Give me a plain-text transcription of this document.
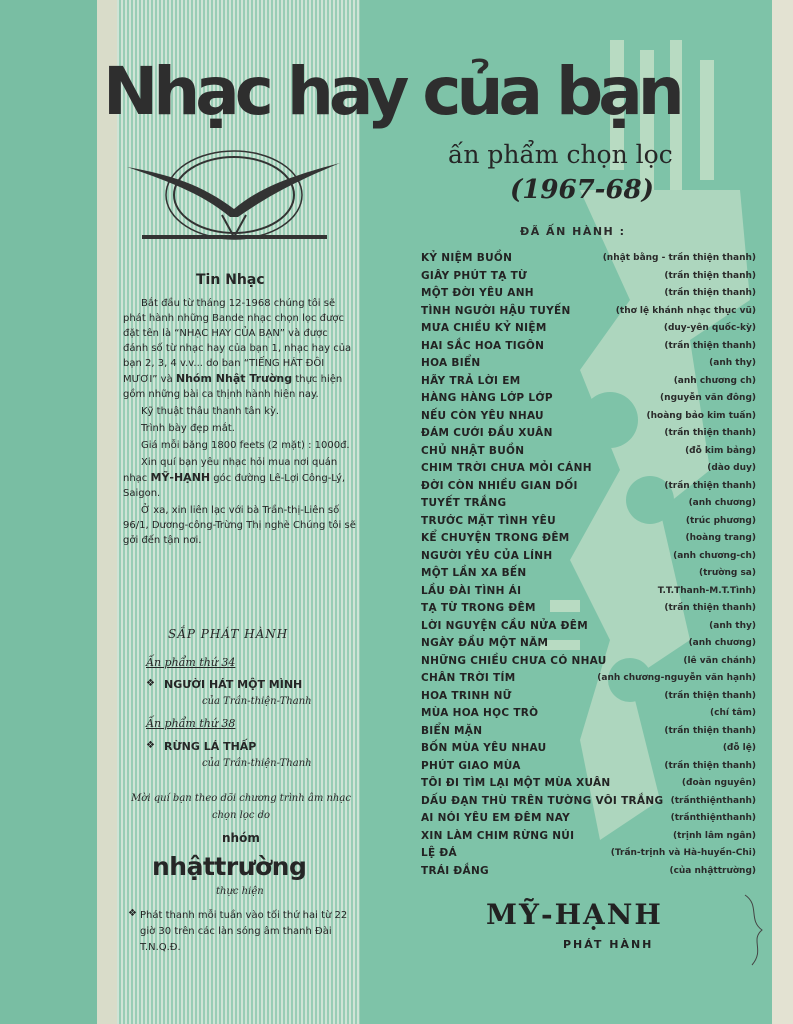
Nhạc hay của bạn
ấn phẩm chọn lọc
(1967-68)
ĐÃ ẤN HÀNH :
KỶ NIỆM BUỒN	(nhật bằng - trần thiện thanh)
GIÂY PHÚT TẠ TỪ	(trần thiện thanh)
MỘT ĐỜI YÊU ANH	(trần thiện thanh)
TÌNH NGƯỜI HẬU TUYẾN	(thơ lệ khánh nhạc thục vũ)
MƯA CHIỀU KỶ NIỆM	(duy-yên quốc-kỳ)
HAI SẮC HOA TIGÔN	(trần thiện thanh)
HOA BIỂN	(anh thy)
HÃY TRẢ LỜI EM	(anh chương ch)
HÀNG HÀNG LỚP LỚP	(nguyễn văn đông)
NẾU CÒN YÊU NHAU	(hoàng bảo kim tuấn)
ĐÁM CƯỚI ĐẦU XUÂN	(trần thiện thanh)
CHỦ NHẬT BUỒN	(đỗ kim bảng)
CHIM TRỜI CHƯA MỎI CÁNH	(dào duy)
ĐỜI CÒN NHIỀU GIAN DỐI	(trần thiện thanh)
TUYẾT TRẮNG	(anh chương)
TRƯỚC MẶT TÌNH YÊU	(trúc phương)
KỂ CHUYỆN TRONG ĐÊM	(hoàng trang)
NGƯỜI YÊU CỦA LÍNH	(anh chương-ch)
MỘT LẦN XA BẾN	(trường sa)
LẦU ĐÀI TÌNH ÁI	T.T.Thanh-M.T.Tình)
TẠ TỪ TRONG ĐÊM	(trần thiện thanh)
LỜI NGUYỆN CẦU NỬA ĐÊM	(anh thy)
NGÀY ĐẦU MỘT NĂM	(anh chương)
NHỮNG CHIỀU CHƯA CÓ NHAU	(lê văn chánh)
CHÂN TRỜI TÍM	(anh chương-nguyễn văn hạnh)
HOA TRINH NỮ	(trần thiện thanh)
MÙA HOA HỌC TRÒ	(chí tâm)
BIỂN MẶN	(trần thiện thanh)
BỐN MÙA YÊU NHAU	(đỗ lệ)
PHÚT GIAO MÙA	(trần thiện thanh)
TÔI ĐI TÌM LẠI MỘT MÙA XUÂN	(đoàn nguyên)
DẤU ĐẠN THÙ TRÊN TƯỜNG VÔI TRẮNG (trầnthiệnthanh)
AI NÓI YÊU EM ĐÊM NAY	(trầnthiệnthanh)
XIN LÀM CHIM RỪNG NÚI	(trịnh lâm ngân)
LỆ ĐÁ	(Trần-trịnh và Hà-huyền-Chi)
TRÁI ĐẮNG	(của nhậttrường)
MỸ-HẠNH
PHÁT HÀNH
Tin Nhạc

Bắt đầu từ tháng 12-1968 chúng tôi sẽ phát hành những Bande nhạc chọn lọc được đặt tên là “NHẠC HAY CỦA BẠN” và được đánh số từ nhạc hay của bạn 1, nhạc hay của bạn 2, 3, 4 v.v... do ban “TIẾNG HÁT ĐÔI MƯƠI” và Nhóm Nhật Trường thực hiện gồm những bài ca thịnh hành hiện nay.

Kỹ thuật thâu thanh tân kỳ.

Trình bày đẹp mắt.

Giá mỗi băng 1800 feets (2 mặt) : 1000đ.

Xin quí bạn yêu nhạc hỏi mua nơi quán nhạc MỸ-HẠNH góc đường Lê-Lợi Công-Lý, Saigon.

Ở xa, xin liên lạc với bà Trần-thị-Liên số 96/1, Dương-công-Trừng Thị nghè Chúng tôi sẽ gởi đến tận nơi.

SẮP PHÁT HÀNH
Ấn phẩm thứ 34
❖ NGƯỜI HÁT MỘT MÌNH
của Trần-thiện-Thanh
Ấn phẩm thứ 38
❖ RỪNG LÁ THẤP
của Trần-thiện-Thanh
Mời quí bạn theo dõi chương trình âm nhạc chọn lọc do
nhóm
nhậttrường
thực hiện
❖ Phát thanh mỗi tuần vào tối thứ hai từ 22 giờ 30 trên các làn sóng âm thanh Đài T.N.Q.Đ.
